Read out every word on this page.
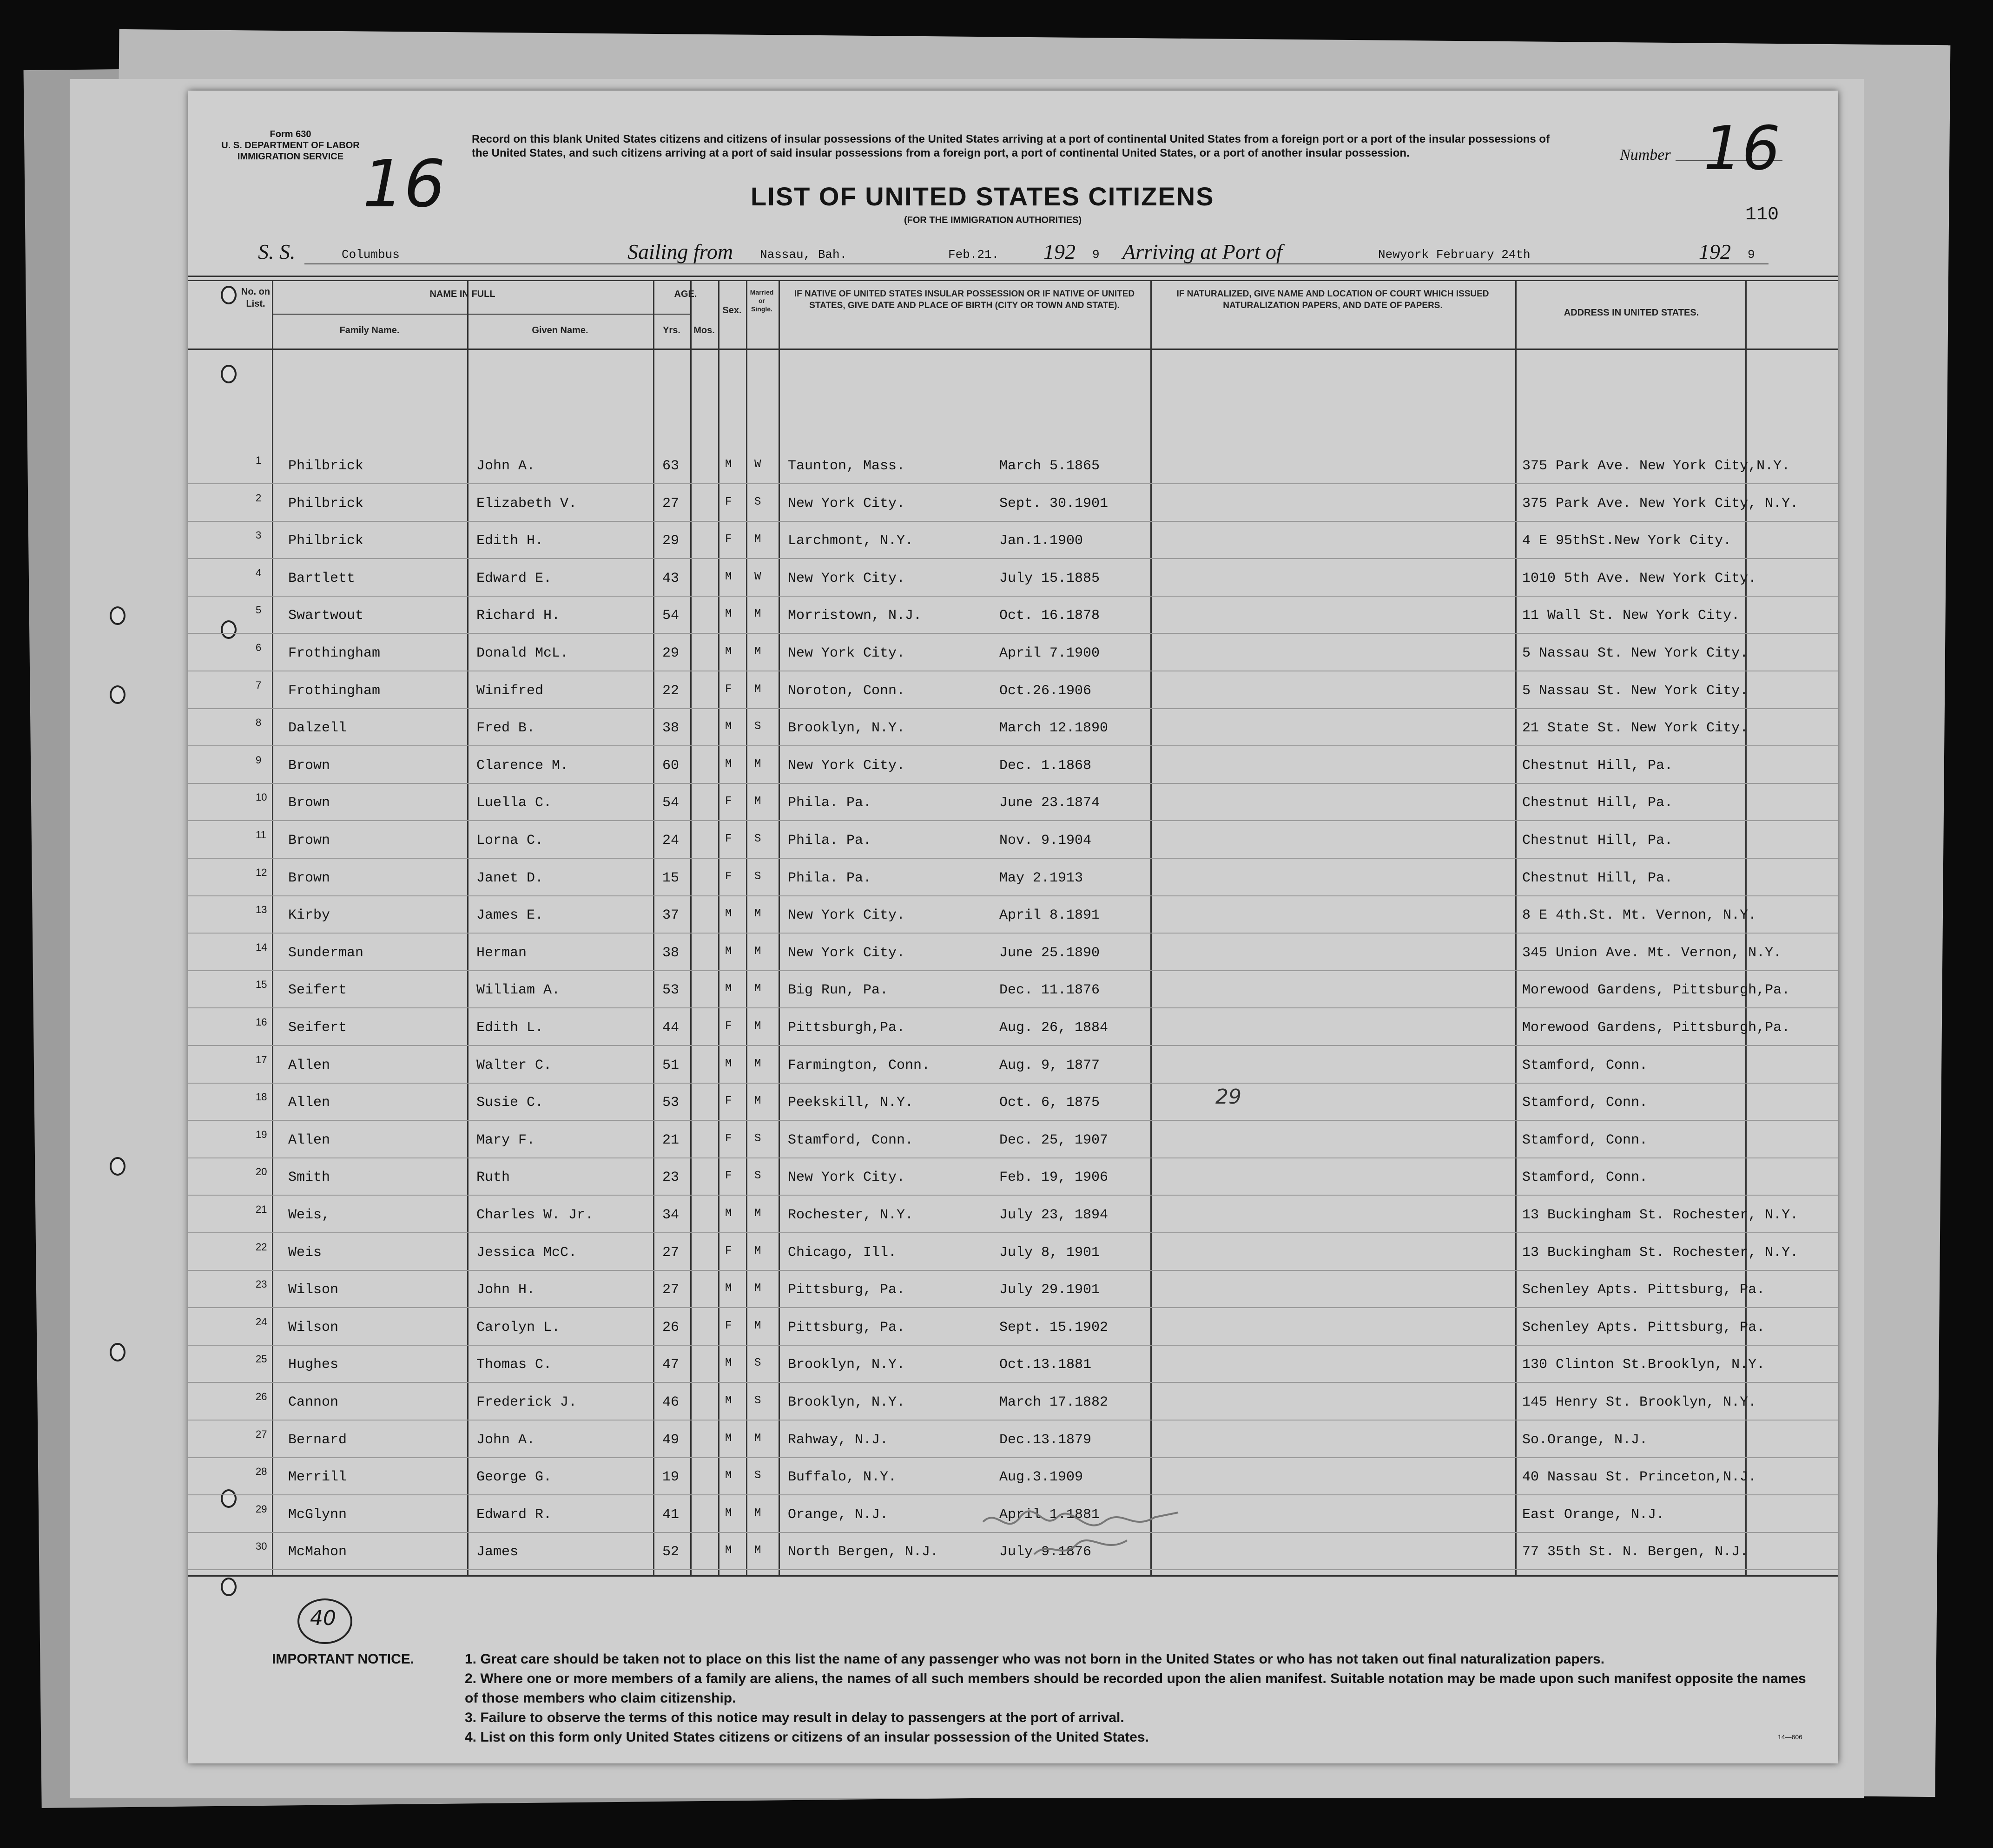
Form 630
U. S. DEPARTMENT OF LABOR
IMMIGRATION SERVICE 16
Record on this blank United States citizens and citizens of insular possessions of the United States arriving at a port of continental United States from a foreign port or a port of the insular possessions of the United States, and such citizens arriving at a port of said insular possessions from a foreign port, a port of continental United States, or a port of another insular possession.	Number 16
LIST OF UNITED STATES CITIZENS
(FOR THE IMMIGRATION AUTHORITIES)	110
S. S.	Columbus	Sailing from Nassau, Bah.	Feb.21. 192 9 Arriving at Port of	Newyork February 24th	192 9
No. on List.
NAME IN FULL
Family Name.	Given Name.
AGE.
Yrs.	Mos.
Sex.
Married or Single.
IF NATIVE OF UNITED STATES INSULAR POSSESSION OR IF NATIVE OF UNITED STATES, GIVE DATE AND PLACE OF BIRTH (CITY OR TOWN AND STATE).
IF NATURALIZED, GIVE NAME AND LOCATION OF COURT WHICH ISSUED NATURALIZATION PAPERS, AND DATE OF PAPERS.
ADDRESS IN UNITED STATES.
1 Philbrick	John A.	63	M W Taunton, Mass.	March 5.1865	375 Park Ave. New York City,N.Y.
2 Philbrick	Elizabeth V.	27	F S New York City.	Sept. 30.1901	375 Park Ave. New York City, N.Y.
3 Philbrick	Edith H.	29	F M Larchmont, N.Y.	Jan.1.1900	4 E 95thSt.New York City.
4 Bartlett	Edward E.	43	M W New York City.	July 15.1885	1010 5th Ave. New York City.
5 Swartwout	Richard H.	54	M M Morristown, N.J.	Oct. 16.1878	11 Wall St. New York City.
6 Frothingham	Donald McL.	29	M M New York City.	April 7.1900	5 Nassau St. New York City.
7 Frothingham	Winifred	22	F M Noroton, Conn.	Oct.26.1906	5 Nassau St. New York City.
8 Dalzell	Fred B.	38	M S Brooklyn, N.Y.	March 12.1890	21 State St. New York City.
9 Brown	Clarence M.	60	M M New York City.	Dec. 1.1868	Chestnut Hill, Pa.
10 Brown	Luella C.	54	F M Phila. Pa.	June 23.1874	Chestnut Hill, Pa.
11 Brown	Lorna C.	24	F S Phila. Pa.	Nov. 9.1904	Chestnut Hill, Pa.
12 Brown	Janet D.	15	F S Phila. Pa.	May 2.1913	Chestnut Hill, Pa.
13 Kirby	James E.	37	M M New York City.	April 8.1891	8 E 4th.St. Mt. Vernon, N.Y.
14 Sunderman	Herman	38	M M New York City.	June 25.1890	345 Union Ave. Mt. Vernon, N.Y.
15 Seifert	William A.	53	M M Big Run, Pa.	Dec. 11.1876	Morewood Gardens, Pittsburgh,Pa.
16 Seifert	Edith L.	44	F M Pittsburgh,Pa.	Aug. 26, 1884	Morewood Gardens, Pittsburgh,Pa.
17 Allen	Walter C.	51	M M Farmington, Conn.	Aug. 9, 1877	Stamford, Conn.
18 Allen	Susie C.	53	F M Peekskill, N.Y.	Oct. 6, 1875	Stamford, Conn.
19 Allen	Mary F.	21	F S Stamford, Conn.	Dec. 25, 1907	Stamford, Conn.
20 Smith	Ruth	23	F S New York City.	Feb. 19, 1906	Stamford, Conn.
21 Weis,	Charles W. Jr.	34	M M Rochester, N.Y.	July 23, 1894	13 Buckingham St. Rochester, N.Y.
22 Weis	Jessica McC.	27	F M Chicago, Ill.	July 8, 1901	13 Buckingham St. Rochester, N.Y.
23 Wilson	John H.	27	M M Pittsburg, Pa.	July 29.1901	Schenley Apts. Pittsburg, Pa.
24 Wilson	Carolyn L.	26	F M Pittsburg, Pa.	Sept. 15.1902	Schenley Apts. Pittsburg, Pa.
25 Hughes	Thomas C.	47	M S Brooklyn, N.Y.	Oct.13.1881	130 Clinton St.Brooklyn, N.Y.
26 Cannon	Frederick J.	46	M S Brooklyn, N.Y.	March 17.1882	145 Henry St. Brooklyn, N.Y.
27 Bernard	John A.	49	M M Rahway, N.J.	Dec.13.1879	So.Orange, N.J.
28 Merrill	George G.	19	M S Buffalo, N.Y.	Aug.3.1909	40 Nassau St. Princeton,N.J.
29 McGlynn	Edward R.	41	M M Orange, N.J.	April 1.1881	East Orange, N.J.
30 McMahon	James	52	M M North Bergen, N.J.	July 9.1876	77 35th St. N. Bergen, N.J.
29
40
IMPORTANT NOTICE.	1. Great care should be taken not to place on this list the name of any passenger who was not born in the United States or who has not taken out final naturalization papers.
2. Where one or more members of a family are aliens, the names of all such members should be recorded upon the alien manifest. Suitable notation may be made upon such manifest opposite the names of those members who claim citizenship.
3. Failure to observe the terms of this notice may result in delay to passengers at the port of arrival.
4. List on this form only United States citizens or citizens of an insular possession of the United States.	14—606
